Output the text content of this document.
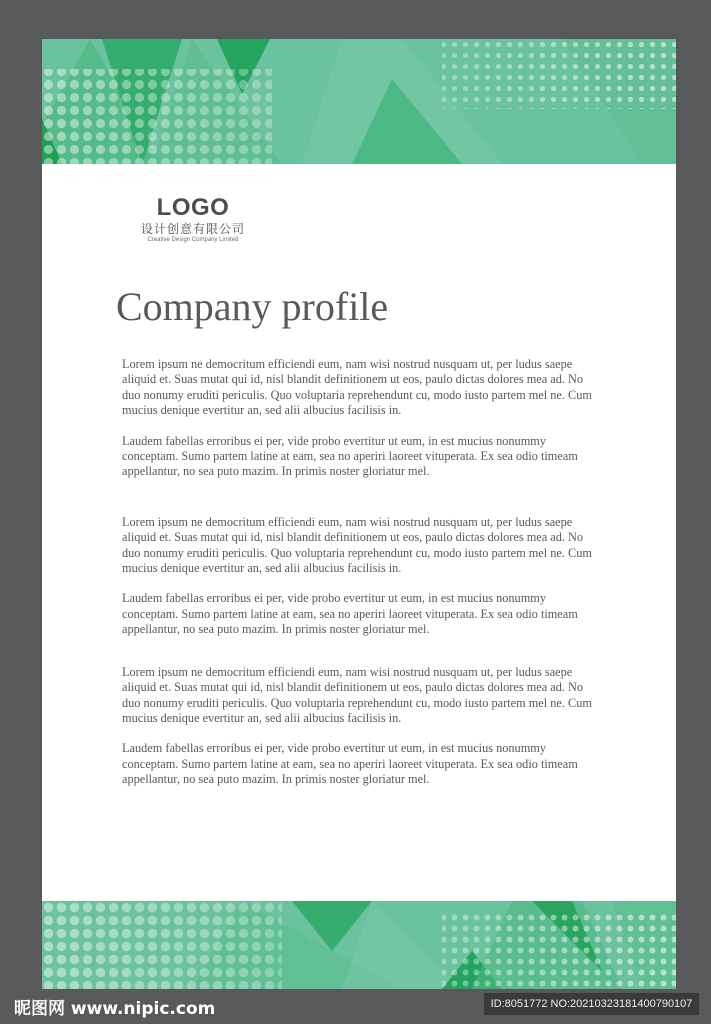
LOGO
设计创意有限公司
Creative Design Company Limited
Company profile

Lorem ipsum ne democritum efficiendi eum, nam wisi nostrud nusquam ut, per ludus saepe aliquid et. Suas mutat qui id, nisl blandit definitionem ut eos, paulo dictas dolores mea ad. No duo nonumy eruditi periculis. Quo voluptaria reprehendunt cu, modo iusto partem mel ne. Cum mucius denique evertitur an, sed alii albucius facilisis in.

Laudem fabellas erroribus ei per, vide probo evertitur ut eum, in est mucius nonummy conceptam. Sumo partem latine at eam, sea no aperiri laoreet vituperata. Ex sea odio timeam appellantur, no sea puto mazim. In primis noster gloriatur mel.

Lorem ipsum ne democritum efficiendi eum, nam wisi nostrud nusquam ut, per ludus saepe aliquid et. Suas mutat qui id, nisl blandit definitionem ut eos, paulo dictas dolores mea ad. No duo nonumy eruditi periculis. Quo voluptaria reprehendunt cu, modo iusto partem mel ne. Cum mucius denique evertitur an, sed alii albucius facilisis in.

Laudem fabellas erroribus ei per, vide probo evertitur ut eum, in est mucius nonummy conceptam. Sumo partem latine at eam, sea no aperiri laoreet vituperata. Ex sea odio timeam appellantur, no sea puto mazim. In primis noster gloriatur mel.

Lorem ipsum ne democritum efficiendi eum, nam wisi nostrud nusquam ut, per ludus saepe aliquid et. Suas mutat qui id, nisl blandit definitionem ut eos, paulo dictas dolores mea ad. No duo nonumy eruditi periculis. Quo voluptaria reprehendunt cu, modo iusto partem mel ne. Cum mucius denique evertitur an, sed alii albucius facilisis in.

Laudem fabellas erroribus ei per, vide probo evertitur ut eum, in est mucius nonummy conceptam. Sumo partem latine at eam, sea no aperiri laoreet vituperata. Ex sea odio timeam appellantur, no sea puto mazim. In primis noster gloriatur mel.

昵图网 www.nipic.com	ID:8051772 NO:20210323181400790107
